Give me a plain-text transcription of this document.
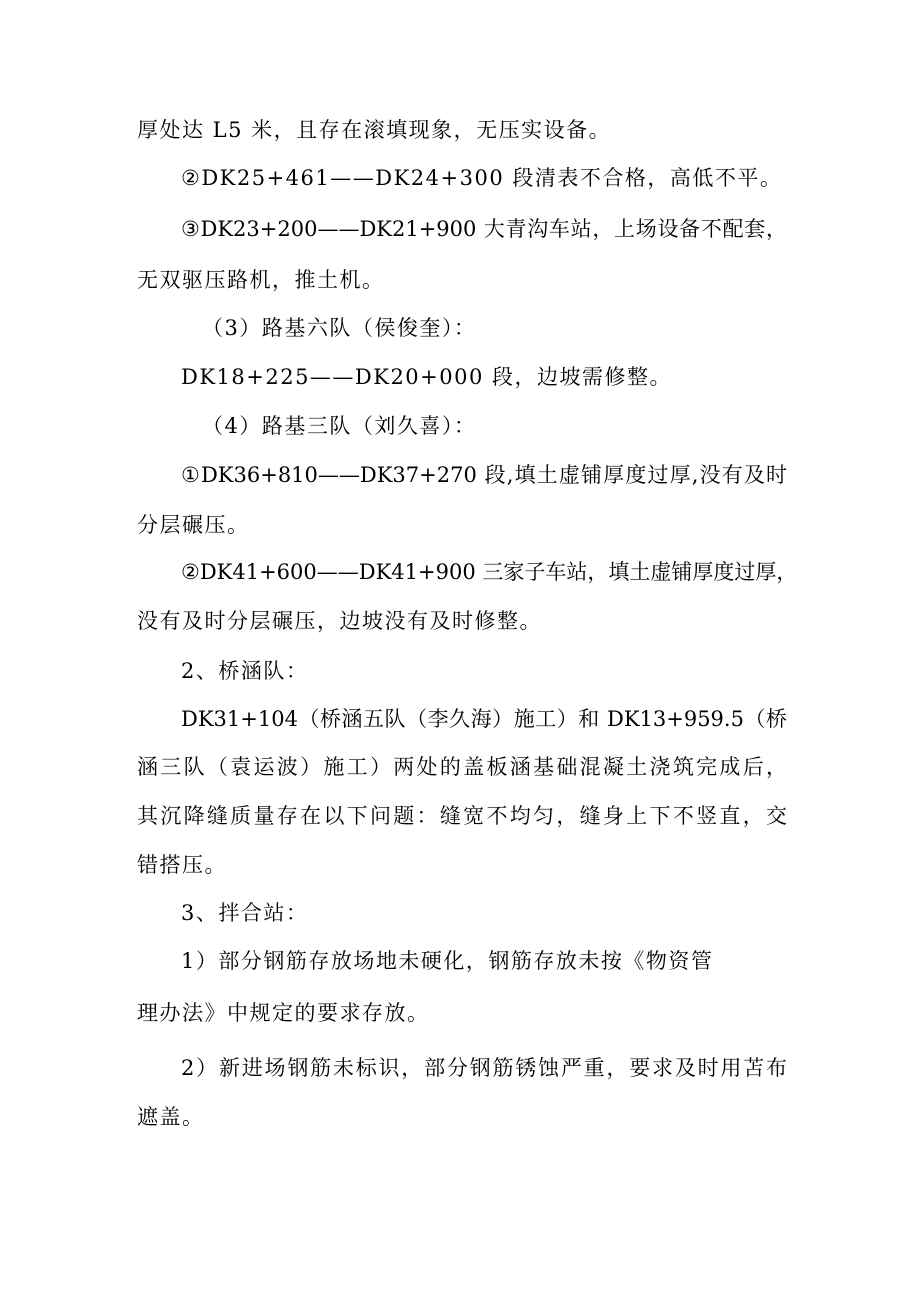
厚处达 L5 米，且存在滚填现象，无压实设备。

②DK25+461——DK24+300 段清表不合格，高低不平。

③DK23+200——DK21+900 大青沟车站，上场设备不配套，

无双驱压路机，推土机。

（3）路基六队（侯俊奎）：

DK18+225——DK20+000 段，边坡需修整。

（4）路基三队（刘久喜）：

①DK36+810——DK37+270 段,填土虚铺厚度过厚,没有及时

分层碾压。

②DK41+600——DK41+900 三家子车站，填土虚铺厚度过厚，

没有及时分层碾压，边坡没有及时修整。

2、桥涵队：

DK31+104（桥涵五队（李久海）施工）和 DK13+959.5（桥

涵三队（袁运波）施工）两处的盖板涵基础混凝土浇筑完成后，

其沉降缝质量存在以下问题：缝宽不均匀，缝身上下不竖直，交

错搭压。

3、拌合站：

1）部分钢筋存放场地未硬化，钢筋存放未按《物资管

理办法》中规定的要求存放。

2）新进场钢筋未标识，部分钢筋锈蚀严重，要求及时用苫布

遮盖。
